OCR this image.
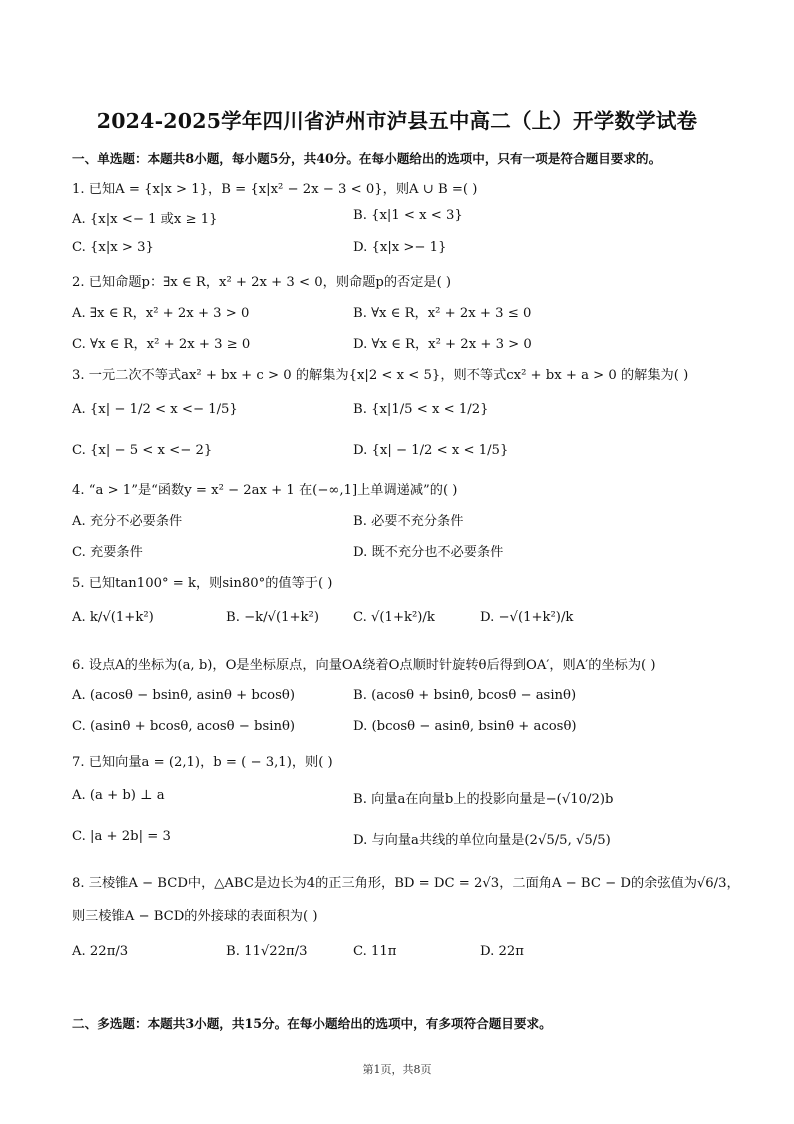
2024-2025学年四川省泸州市泸县五中高二（上）开学数学试卷
一、单选题：本题共8小题，每小题5分，共40分。在每小题给出的选项中，只有一项是符合题目要求的。
1. 已知A = {x|x > 1}，B = {x|x² − 2x − 3 < 0}，则A ∪ B =( )
A. {x|x <− 1 或x ≥ 1}	B. {x|1 < x < 3}
C. {x|x > 3}	D. {x|x >− 1}
2. 已知命题p：∃x ∈ R，x² + 2x + 3 < 0，则命题p的否定是( )
A. ∃x ∈ R，x² + 2x + 3 > 0	B. ∀x ∈ R，x² + 2x + 3 ≤ 0
C. ∀x ∈ R，x² + 2x + 3 ≥ 0	D. ∀x ∈ R，x² + 2x + 3 > 0
3. 一元二次不等式ax² + bx + c > 0 的解集为{x|2 < x < 5}，则不等式cx² + bx + a > 0 的解集为( )
A. {x| − 1/2 < x <− 1/5}	B. {x|1/5 < x < 1/2}
C. {x| − 5 < x <− 2}	D. {x| − 1/2 < x < 1/5}
4. “a > 1”是“函数y = x² − 2ax + 1 在(−∞,1]上单调递减”的( )
A. 充分不必要条件	B. 必要不充分条件
C. 充要条件	D. 既不充分也不必要条件
5. 已知tan100° = k，则sin80°的值等于( )
A. k/√(1+k²)	B. −k/√(1+k²)	C. √(1+k²)/k	D. −√(1+k²)/k
6. 设点A的坐标为(a, b)，O是坐标原点，向量OA绕着O点顺时针旋转θ后得到OA′，则A′的坐标为( )
A. (acosθ − bsinθ, asinθ + bcosθ)	B. (acosθ + bsinθ, bcosθ − asinθ)
C. (asinθ + bcosθ, acosθ − bsinθ)	D. (bcosθ − asinθ, bsinθ + acosθ)
7. 已知向量a = (2,1)，b = ( − 3,1)，则( )
A. (a + b) ⊥ a	B. 向量a在向量b上的投影向量是−(√10/2)b
C. |a + 2b| = 3	D. 与向量a共线的单位向量是(2√5/5, √5/5)
8. 三棱锥A − BCD中，△ABC是边长为4的正三角形，BD = DC = 2√3，二面角A − BC − D的余弦值为√6/3，
则三棱锥A − BCD的外接球的表面积为( )
A. 22π/3	B. 11√22π/3	C. 11π	D. 22π
二、多选题：本题共3小题，共15分。在每小题给出的选项中，有多项符合题目要求。
第1页，共8页
